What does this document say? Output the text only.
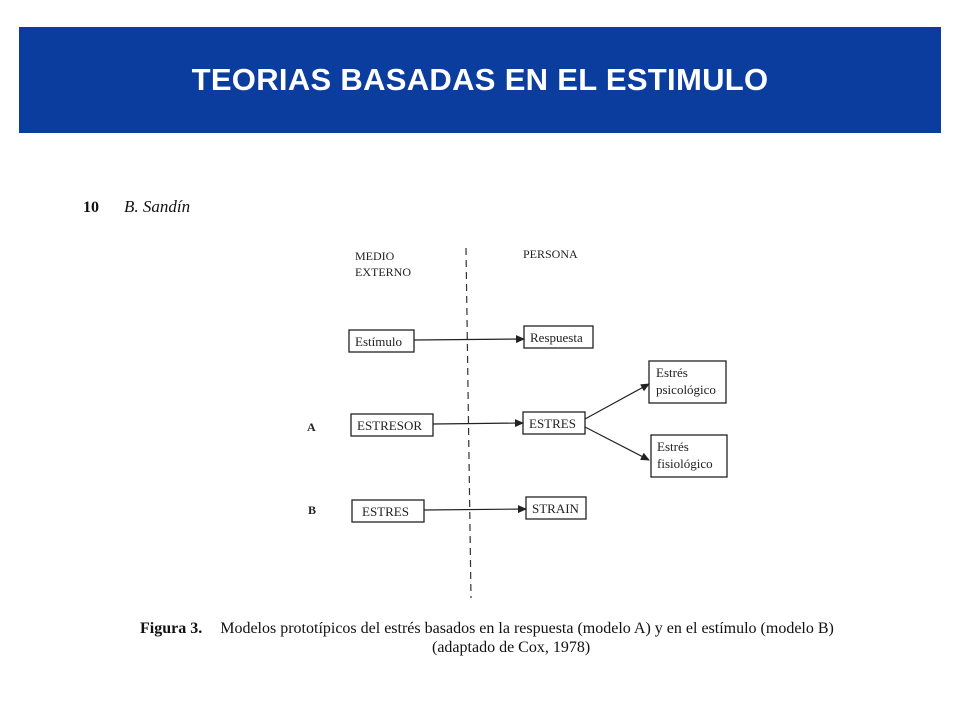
TEORIAS BASADAS EN EL ESTIMULO
10 B. Sandín
MEDIO
EXTERNO
PERSONA
Estímulo	Respuesta
A	ESTRESOR	ESTRES
Estrés
psicológico
Estrés
fisiológico
B	ESTRES	STRAIN
Figura 3. Modelos prototípicos del estrés basados en la respuesta (modelo A) y en el estímulo (modelo B)
(adaptado de Cox, 1978)
